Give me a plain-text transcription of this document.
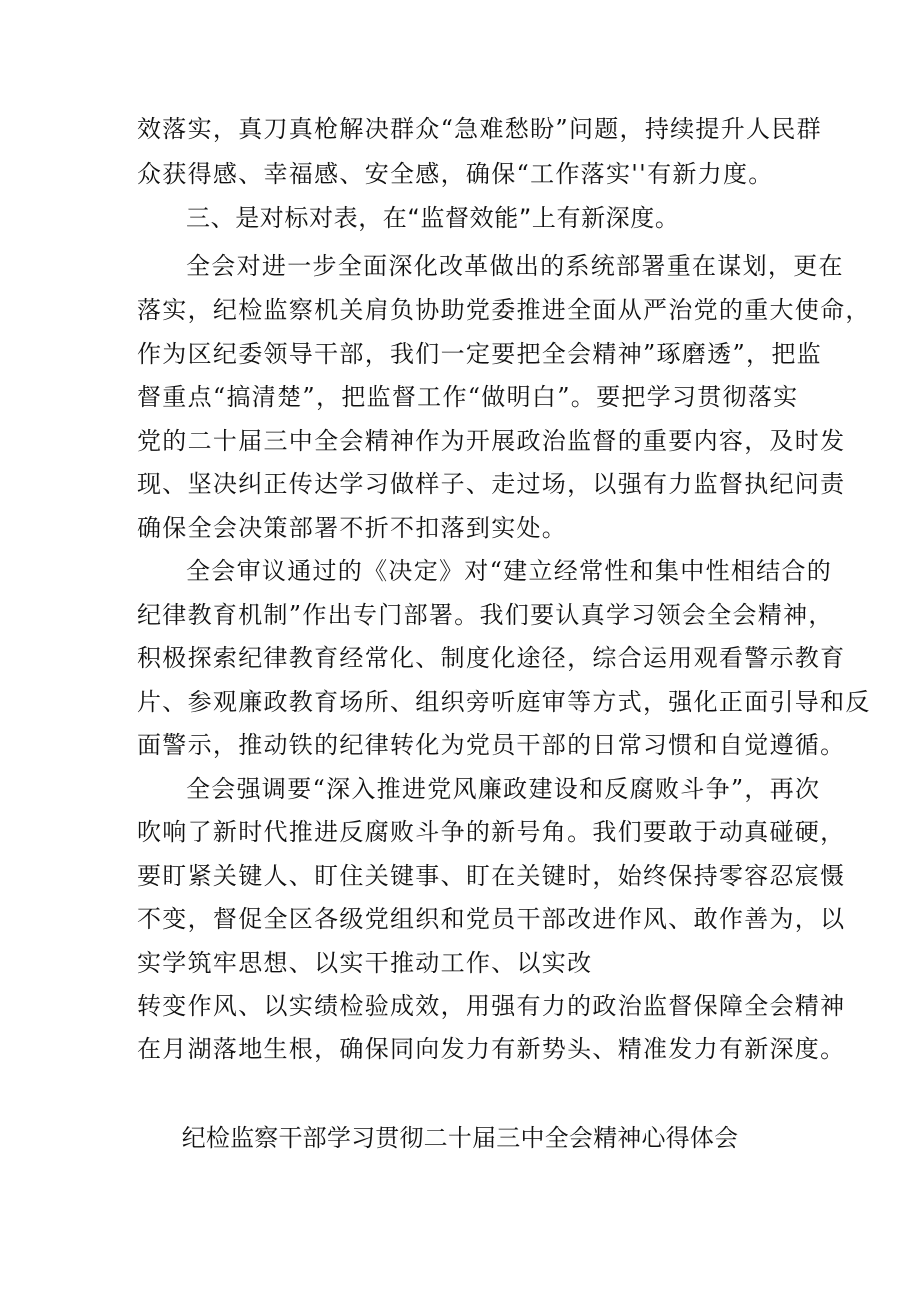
效落实，真刀真枪解决群众“急难愁盼”问题，持续提升人民群
众获得感、幸福感、安全感，确保“工作落实''有新力度。
三、是对标对表，在“监督效能”上有新深度。
全会对进一步全面深化改革做出的系统部署重在谋划，更在
落实，纪检监察机关肩负协助党委推进全面从严治党的重大使命，
作为区纪委领导干部，我们一定要把全会精神”琢磨透”，把监
督重点“搞清楚”，把监督工作“做明白”。要把学习贯彻落实
党的二十届三中全会精神作为开展政治监督的重要内容，及时发
现、坚决纠正传达学习做样子、走过场，以强有力监督执纪问责
确保全会决策部署不折不扣落到实处。
全会审议通过的《决定》对“建立经常性和集中性相结合的
纪律教育机制”作出专门部署。我们要认真学习领会全会精神，
积极探索纪律教育经常化、制度化途径，综合运用观看警示教育
片、参观廉政教育场所、组织旁听庭审等方式，强化正面引导和反
面警示，推动铁的纪律转化为党员干部的日常习惯和自觉遵循。
全会强调要“深入推进党风廉政建设和反腐败斗争”，再次
吹响了新时代推进反腐败斗争的新号角。我们要敢于动真碰硬，
要盯紧关键人、盯住关键事、盯在关键时，始终保持零容忍宸慑
不变，督促全区各级党组织和党员干部改进作风、敢作善为，以
实学筑牢思想、以实干推动工作、以实改
转变作风、以实绩检验成效，用强有力的政治监督保障全会精神
在月湖落地生根，确保同向发力有新势头、精准发力有新深度。
纪检监察干部学习贯彻二十届三中全会精神心得体会
